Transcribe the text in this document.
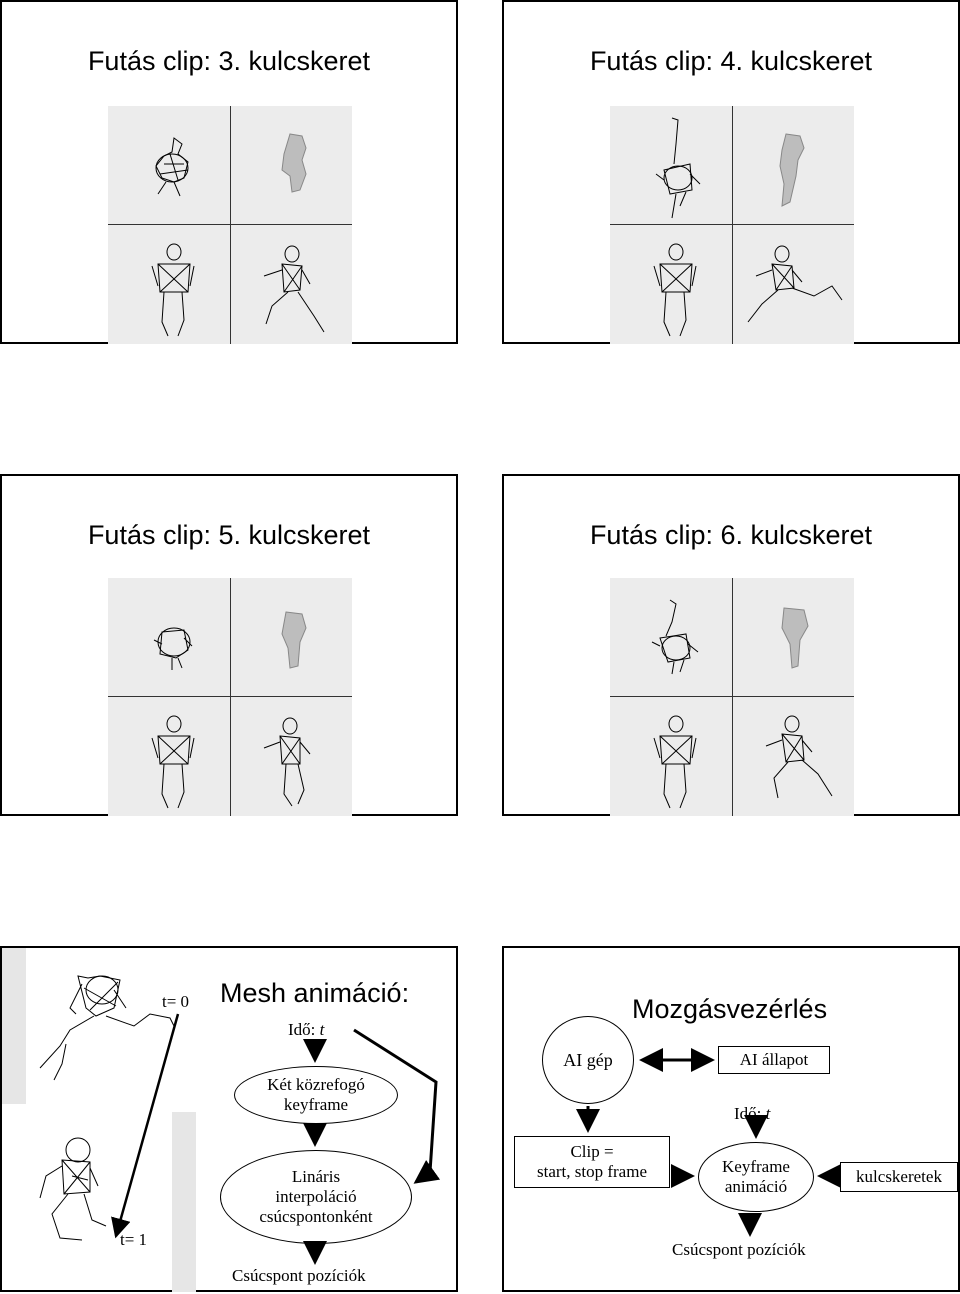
Futás clip: 3. kulcskeret	Futás clip: 4. kulcskeret
Futás clip: 5. kulcskeret	Futás clip: 6. kulcskeret
t= 0
t= 1
Mesh animáció:
Idő: t
Két közrefogó keyframe
Lináris
interpoláció
csúcspontonként
Csúcspont pozíciók
Mozgásvezérlés
AI gép	AI állapot
Idő: t
Clip =
start, stop frame	Keyframe
animáció
kulcskeretek
Csúcspont pozíciók
